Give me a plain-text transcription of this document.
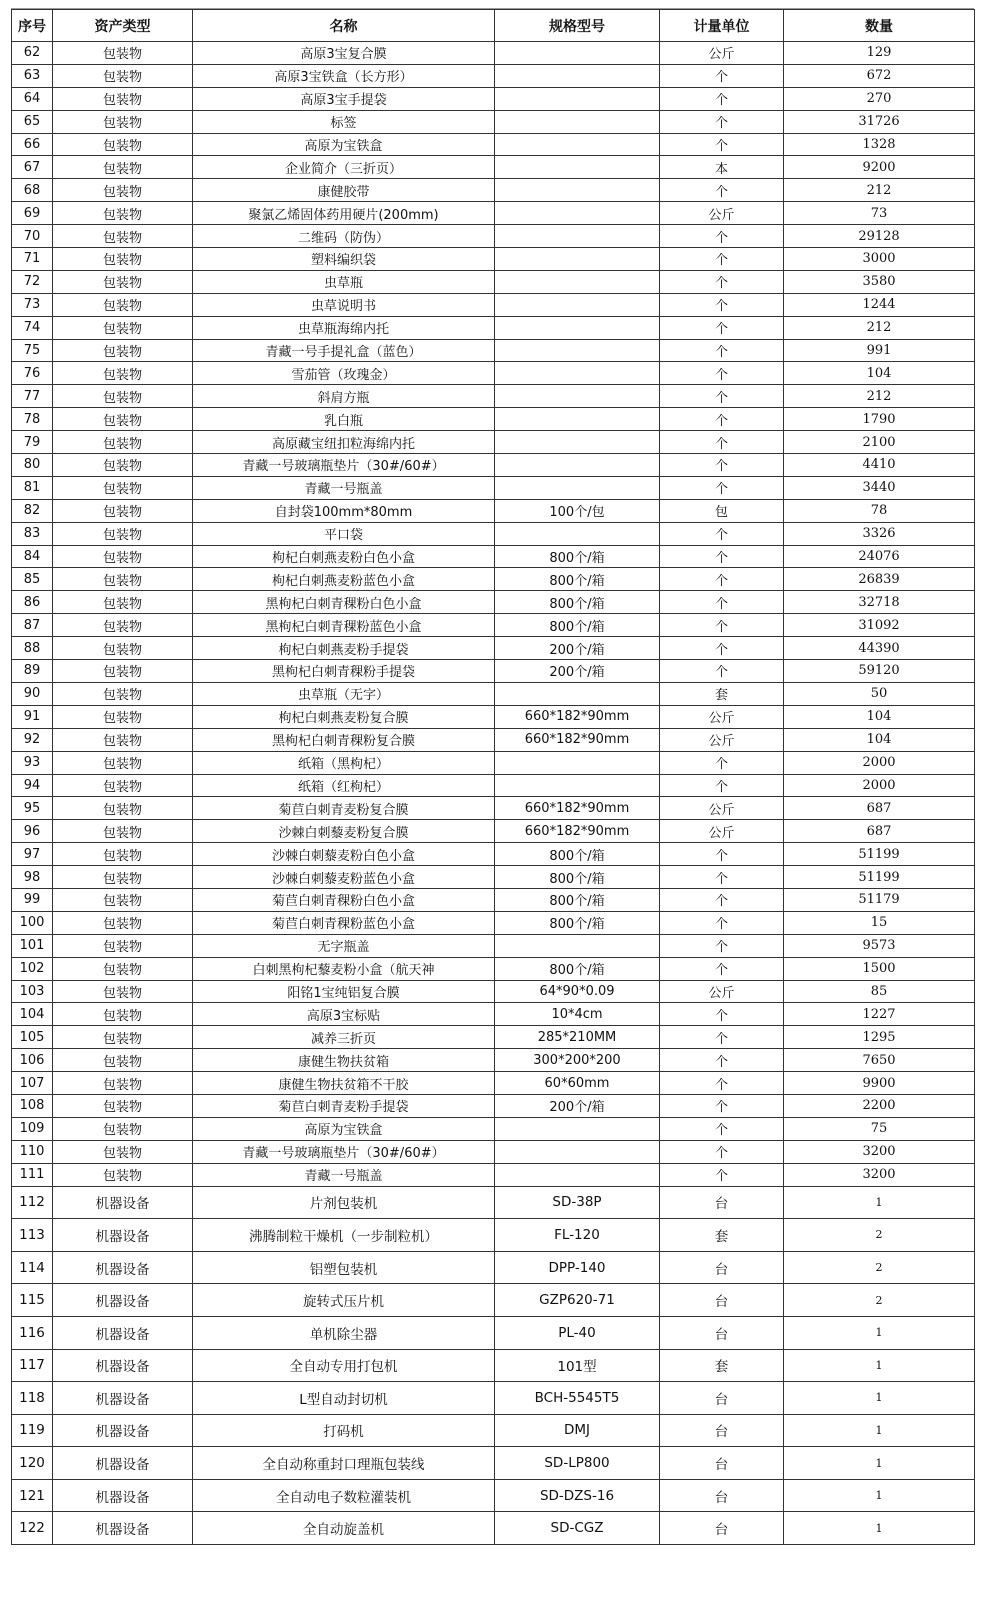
序号	资产类型	名称	规格型号	计量单位	数量
62	包装物	高原3宝复合膜		公斤	129
63	包装物	高原3宝铁盒（长方形）		个	672
64	包装物	高原3宝手提袋		个	270
65	包装物	标签		个	31726
66	包装物	高原为宝铁盒		个	1328
67	包装物	企业简介（三折页）		本	9200
68	包装物	康健胶带		个	212
69	包装物	聚氯乙烯固体药用硬片(200mm)		公斤	73
70	包装物	二维码（防伪）		个	29128
71	包装物	塑料编织袋		个	3000
72	包装物	虫草瓶		个	3580
73	包装物	虫草说明书		个	1244
74	包装物	虫草瓶海绵内托		个	212
75	包装物	青藏一号手提礼盒（蓝色）		个	991
76	包装物	雪茄管（玫瑰金）		个	104
77	包装物	斜肩方瓶		个	212
78	包装物	乳白瓶		个	1790
79	包装物	高原藏宝纽扣粒海绵内托		个	2100
80	包装物	青藏一号玻璃瓶垫片（30#/60#）		个	4410
81	包装物	青藏一号瓶盖		个	3440
82	包装物	自封袋100mm*80mm	100个/包	包	78
83	包装物	平口袋		个	3326
84	包装物	枸杞白刺燕麦粉白色小盒	800个/箱	个	24076
85	包装物	枸杞白刺燕麦粉蓝色小盒	800个/箱	个	26839
86	包装物	黑枸杞白刺青稞粉白色小盒	800个/箱	个	32718
87	包装物	黑枸杞白刺青稞粉蓝色小盒	800个/箱	个	31092
88	包装物	枸杞白刺燕麦粉手提袋	200个/箱	个	44390
89	包装物	黑枸杞白刺青稞粉手提袋	200个/箱	个	59120
90	包装物	虫草瓶（无字）		套	50
91	包装物	枸杞白刺燕麦粉复合膜	660*182*90mm	公斤	104
92	包装物	黑枸杞白刺青稞粉复合膜	660*182*90mm	公斤	104
93	包装物	纸箱（黑枸杞）		个	2000
94	包装物	纸箱（红枸杞）		个	2000
95	包装物	菊苣白刺青麦粉复合膜	660*182*90mm	公斤	687
96	包装物	沙棘白刺藜麦粉复合膜	660*182*90mm	公斤	687
97	包装物	沙棘白刺藜麦粉白色小盒	800个/箱	个	51199
98	包装物	沙棘白刺藜麦粉蓝色小盒	800个/箱	个	51199
99	包装物	菊苣白刺青稞粉白色小盒	800个/箱	个	51179
100	包装物	菊苣白刺青稞粉蓝色小盒	800个/箱	个	15
101	包装物	无字瓶盖		个	9573
102	包装物	白刺黑枸杞藜麦粉小盒（航天神	800个/箱	个	1500
103	包装物	阳铭1宝纯铝复合膜	64*90*0.09	公斤	85
104	包装物	高原3宝标贴	10*4cm	个	1227
105	包装物	减养三折页	285*210MM	个	1295
106	包装物	康健生物扶贫箱	300*200*200	个	7650
107	包装物	康健生物扶贫箱不干胶	60*60mm	个	9900
108	包装物	菊苣白刺青麦粉手提袋	200个/箱	个	2200
109	包装物	高原为宝铁盒		个	75
110	包装物	青藏一号玻璃瓶垫片（30#/60#）		个	3200
111	包装物	青藏一号瓶盖		个	3200
112	机器设备	片剂包装机	SD-38P	台	1
113	机器设备	沸腾制粒干燥机（一步制粒机）	FL-120	套	2
114	机器设备	铝塑包装机	DPP-140	台	2
115	机器设备	旋转式压片机	GZP620-71	台	2
116	机器设备	单机除尘器	PL-40	台	1
117	机器设备	全自动专用打包机	101型	套	1
118	机器设备	L型自动封切机	BCH-5545T5	台	1
119	机器设备	打码机	DMJ	台	1
120	机器设备	全自动称重封口理瓶包装线	SD-LP800	台	1
121	机器设备	全自动电子数粒灌装机	SD-DZS-16	台	1
122	机器设备	全自动旋盖机	SD-CGZ	台	1
